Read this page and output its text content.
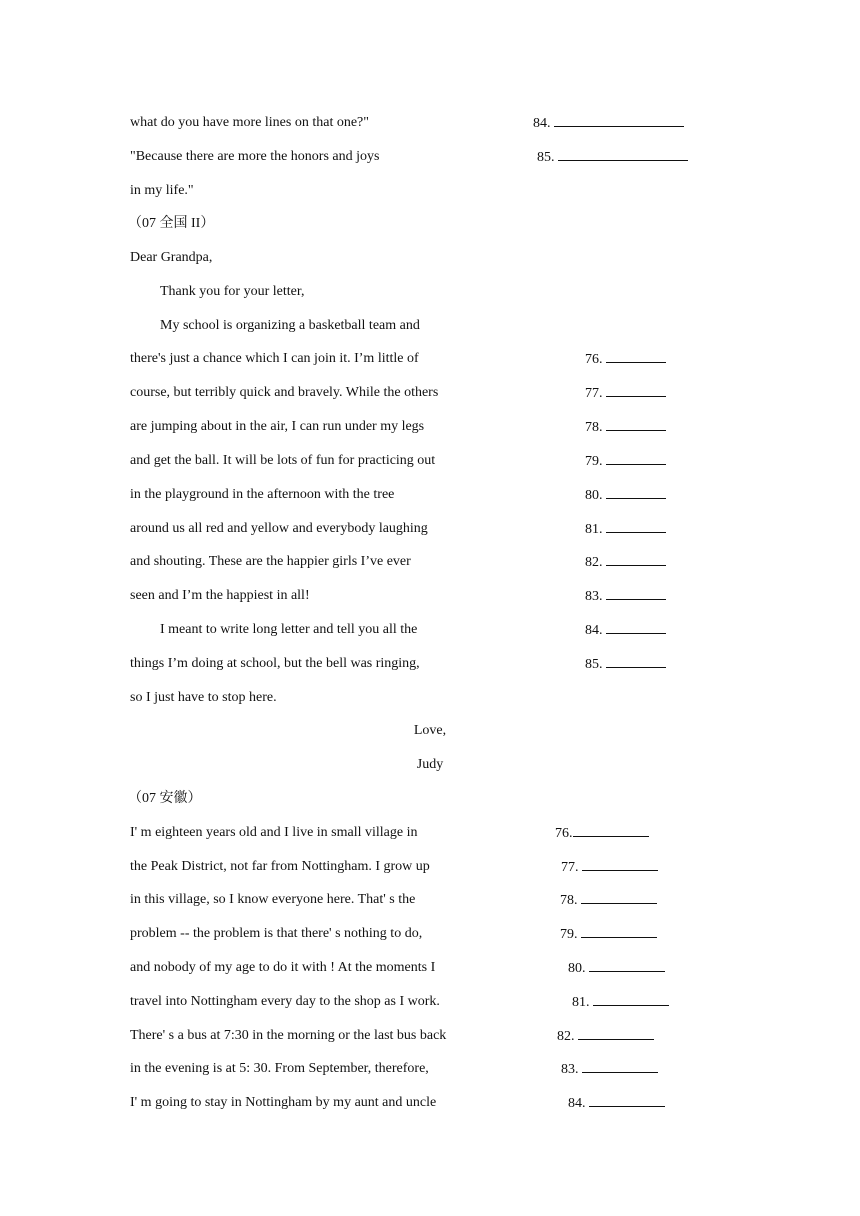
what do you have more lines on that one?"	84.
"Because there are more the honors and joys	85.
in my life."
（07 全国 II）
Dear Grandpa,
Thank you for your letter,
My school is organizing a basketball team and
there's just a chance which I can join it. I’m little of	76.
course, but terribly quick and bravely. While the others	77.
are jumping about in the air, I can run under my legs	78.
and get the ball. It will be lots of fun for practicing out	79.
in the playground in the afternoon with the tree	80.
around us all red and yellow and everybody laughing	81.
and shouting. These are the happier girls I’ve ever	82.
seen and I’m the happiest in all!	83.
I meant to write long letter and tell you all the	84.
things I’m doing at school, but the bell was ringing,	85.
so I just have to stop here.
Love,
Judy
（07 安徽）
I' m eighteen years old and I live in small village in	76.
the Peak District, not far from Nottingham. I grow up	77.
in this village, so I know everyone here. That' s the	78.
problem -- the problem is that there' s nothing to do,	79.
and nobody of my age to do it with ! At the moments I	80.
travel into Nottingham every day to the shop as I work.	81.
There' s a bus at 7:30 in the morning or the last bus back	82.
in the evening is at 5: 30. From September, therefore,	83.
I' m going to stay in Nottingham by my aunt and uncle	84.
